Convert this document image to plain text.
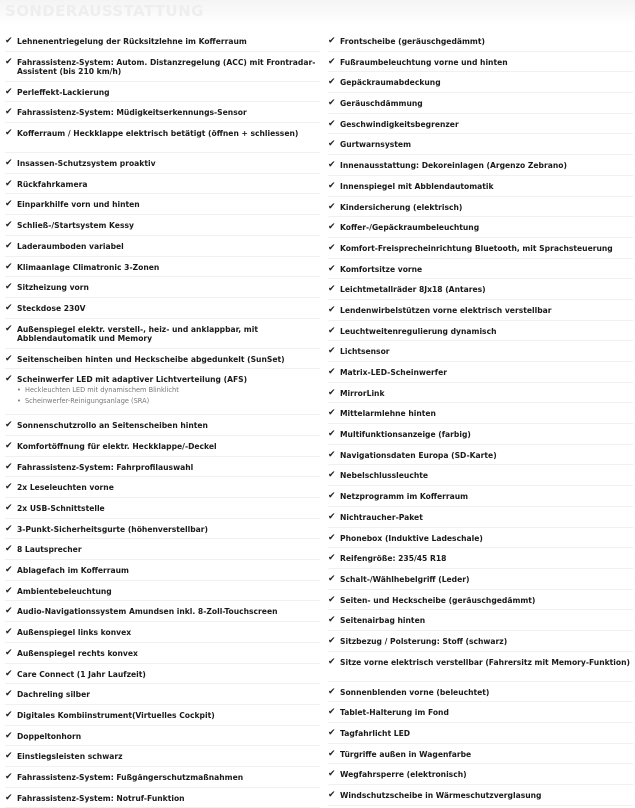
SONDERAUSSTATTUNG
✔ Lehnenentriegelung der Rücksitzlehne im Kofferraum
✔ Fahrassistenz-System: Autom. Distanzregelung (ACC) mit Frontradar-Assistent (bis 210 km/h)
✔ Perleffekt-Lackierung
✔ Fahrassistenz-System: Müdigkeitserkennungs-Sensor
✔ Kofferraum / Heckklappe elektrisch betätigt (öffnen + schliessen)
✔ Insassen-Schutzsystem proaktiv
✔ Rückfahrkamera
✔ Einparkhilfe vorn und hinten
✔ Schließ-/Startsystem Kessy
✔ Laderaumboden variabel
✔ Klimaanlage Climatronic 3-Zonen
✔ Sitzheizung vorn
✔ Steckdose 230V
✔ Außenspiegel elektr. verstell-, heiz- und anklappbar, mit Abblendautomatik und Memory
✔ Seitenscheiben hinten und Heckscheibe abgedunkelt (SunSet)
✔ Scheinwerfer LED mit adaptiver Lichtverteilung (AFS)
• Heckleuchten LED mit dynamischem Blinklicht
• Scheinwerfer-Reinigungsanlage (SRA)
✔ Sonnenschutzrollo an Seitenscheiben hinten
✔ Komfortöffnung für elektr. Heckklappe/-Deckel
✔ Fahrassistenz-System: Fahrprofilauswahl
✔ 2x Leseleuchten vorne
✔ 2x USB-Schnittstelle
✔ 3-Punkt-Sicherheitsgurte (höhenverstellbar)
✔ 8 Lautsprecher
✔ Ablagefach im Kofferraum
✔ Ambientebeleuchtung
✔ Audio-Navigationssystem Amundsen inkl. 8-Zoll-Touchscreen
✔ Außenspiegel links konvex
✔ Außenspiegel rechts konvex
✔ Care Connect (1 Jahr Laufzeit)
✔ Dachreling silber
✔ Digitales Kombiinstrument(Virtuelles Cockpit)
✔ Doppeltonhorn
✔ Einstiegsleisten schwarz
✔ Fahrassistenz-System: Fußgängerschutzmaßnahmen
✔ Fahrassistenz-System: Notruf-Funktion
✔ Frontscheibe (geräuschgedämmt)
✔ Fußraumbeleuchtung vorne und hinten
✔ Gepäckraumabdeckung
✔ Geräuschdämmung
✔ Geschwindigkeitsbegrenzer
✔ Gurtwarnsystem
✔ Innenausstattung: Dekoreinlagen (Argenzo Zebrano)
✔ Innenspiegel mit Abblendautomatik
✔ Kindersicherung (elektrisch)
✔ Koffer-/Gepäckraumbeleuchtung
✔ Komfort-Freisprecheinrichtung Bluetooth, mit Sprachsteuerung
✔ Komfortsitze vorne
✔ Leichtmetallräder 8Jx18 (Antares)
✔ Lendenwirbelstützen vorne elektrisch verstellbar
✔ Leuchtweitenregulierung dynamisch
✔ Lichtsensor
✔ Matrix-LED-Scheinwerfer
✔ MirrorLink
✔ Mittelarmlehne hinten
✔ Multifunktionsanzeige (farbig)
✔ Navigationsdaten Europa (SD-Karte)
✔ Nebelschlussleuchte
✔ Netzprogramm im Kofferraum
✔ Nichtraucher-Paket
✔ Phonebox (Induktive Ladeschale)
✔ Reifengröße: 235/45 R18
✔ Schalt-/Wählhebelgriff (Leder)
✔ Seiten- und Heckscheibe (geräuschgedämmt)
✔ Seitenairbag hinten
✔ Sitzbezug / Polsterung: Stoff (schwarz)
✔ Sitze vorne elektrisch verstellbar (Fahrersitz mit Memory-Funktion)
✔ Sonnenblenden vorne (beleuchtet)
✔ Tablet-Halterung im Fond
✔ Tagfahrlicht LED
✔ Türgriffe außen in Wagenfarbe
✔ Wegfahrsperre (elektronisch)
✔ Windschutzscheibe in Wärmeschutzverglasung
